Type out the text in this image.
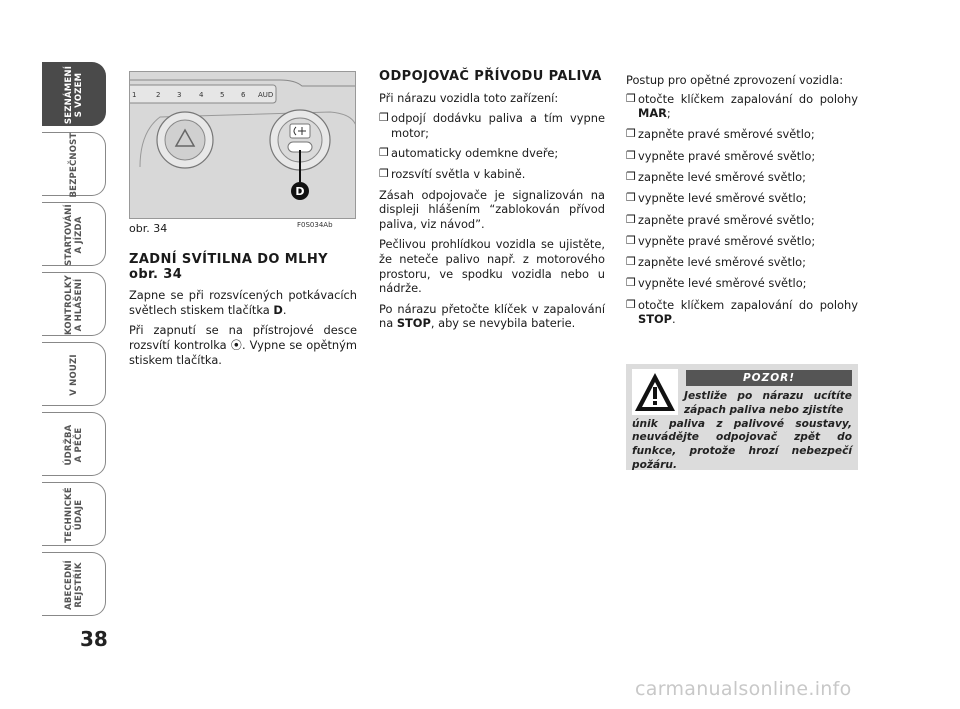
SEZNÁMENÍ
S VOZEM
BEZPEČNOST
STARTOVÁNÍ
A JÍZDA
KONTROLKY
A HLÁŠENÍ
V NOUZI
ÚDRŽBA
A PÉČE
TECHNICKÉ
ÚDAJE
ABECEDNÍ
REJSTŘÍK
38
1	2 3	4 5 6 AUD
D
obr. 34	F0S034Ab
ZADNÍ SVÍTILNA DO MLHY obr. 34

Zapne se při rozsvícených potkávacích světlech stiskem tlačítka D.

Při zapnutí se na přístrojové desce rozsvítí kontrolka ⦿. Vypne se opětným stiskem tlačítka.

ODPOJOVAČ PŘÍVODU PALIVA

Při nárazu vozidla toto zařízení:

❒ odpojí dodávku paliva a tím vypne motor;
❒ automaticky odemkne dveře;
❒ rozsvítí světla v kabině.

Zásah odpojovače je signalizován na displeji hlášením “zablokován přívod paliva, viz návod”.

Pečlivou prohlídkou vozidla se ujistěte, že neteče palivo např. z motorového prostoru, ve spodku vozidla nebo u nádrže.

Po nárazu přetočte klíček v zapalování na STOP, aby se nevybila baterie.

Postup pro opětné zprovození vozidla:

❒ otočte klíčkem zapalování do polohy MAR;
❒ zapněte pravé směrové světlo;
❒ vypněte pravé směrové světlo;
❒ zapněte levé směrové světlo;
❒ vypněte levé směrové světlo;
❒ zapněte pravé směrové světlo;
❒ vypněte pravé směrové světlo;
❒ zapněte levé směrové světlo;
❒ vypněte levé směrové světlo;
❒ otočte klíčkem zapalování do polohy STOP.
POZOR!
Jestliže po nárazu ucítíte zápach paliva nebo zjistíte
únik paliva z palivové soustavy, neuvádějte odpojovač zpět do funkce, protože hrozí nebezpečí požáru.
carmanualsonline.info
